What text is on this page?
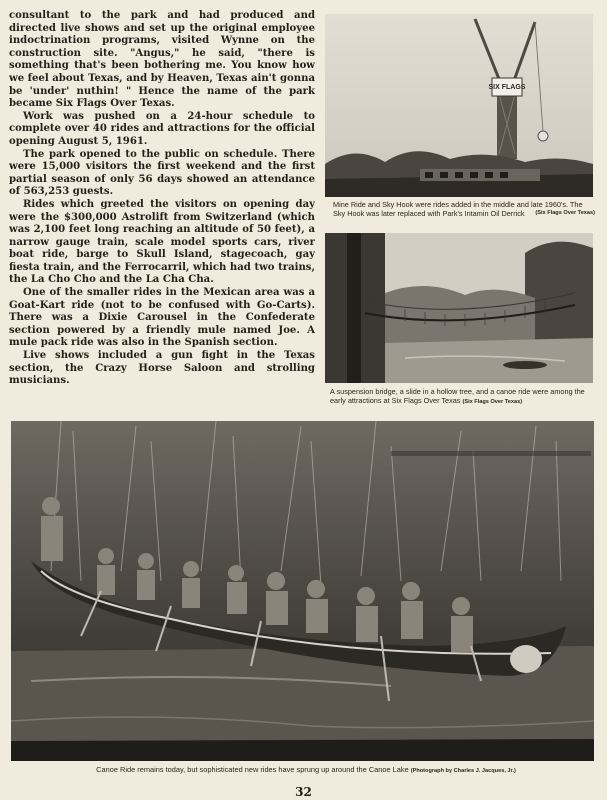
consultant to the park and had produced and directed live shows and set up the original employee indoctrination programs, visited Wynne on the construction site. "Angus," he said, "there is something that's been bothering me. You know how we feel about Texas, and by Heaven, Texas ain't gonna be 'under' nuthin! " Hence the name of the park became Six Flags Over Texas.

Work was pushed on a 24-hour schedule to complete over 40 rides and attractions for the official opening August 5, 1961.

The park opened to the public on schedule. There were 15,000 visitors the first weekend and the first partial season of only 56 days showed an attendance of 563,253 guests.

Rides which greeted the visitors on opening day were the $300,000 Astrolift from Switzerland (which was 2,100 feet long reaching an altitude of 50 feet), a narrow gauge train, scale model sports cars, river boat ride, barge to Skull Island, stagecoach, gay fiesta train, and the Ferrocarril, which had two trains, the La Cho Cho and the La Cha Cha.

One of the smaller rides in the Mexican area was a Goat-Kart ride (not to be confused with Go-Carts). There was a Dixie Carousel in the Confederate section powered by a friendly mule named Joe. A mule pack ride was also in the Spanish section.

Live shows included a gun fight in the Texas section, the Crazy Horse Saloon and strolling musicians.

SIX FLAGS
Mine Ride and Sky Hook were rides added in the middle and late 1960's. The Sky Hook was later replaced with Park's Intamin Oil Derrick (Six Flags Over Texas)
A suspension bridge, a slide in a hollow tree, and a canoe ride were among the early attractions at Six Flags Over Texas (Six Flags Over Texas)
Canoe Ride remains today, but sophisticated new rides have sprung up around the Canoe Lake (Photograph by Charles J. Jacques, Jr.)
32
